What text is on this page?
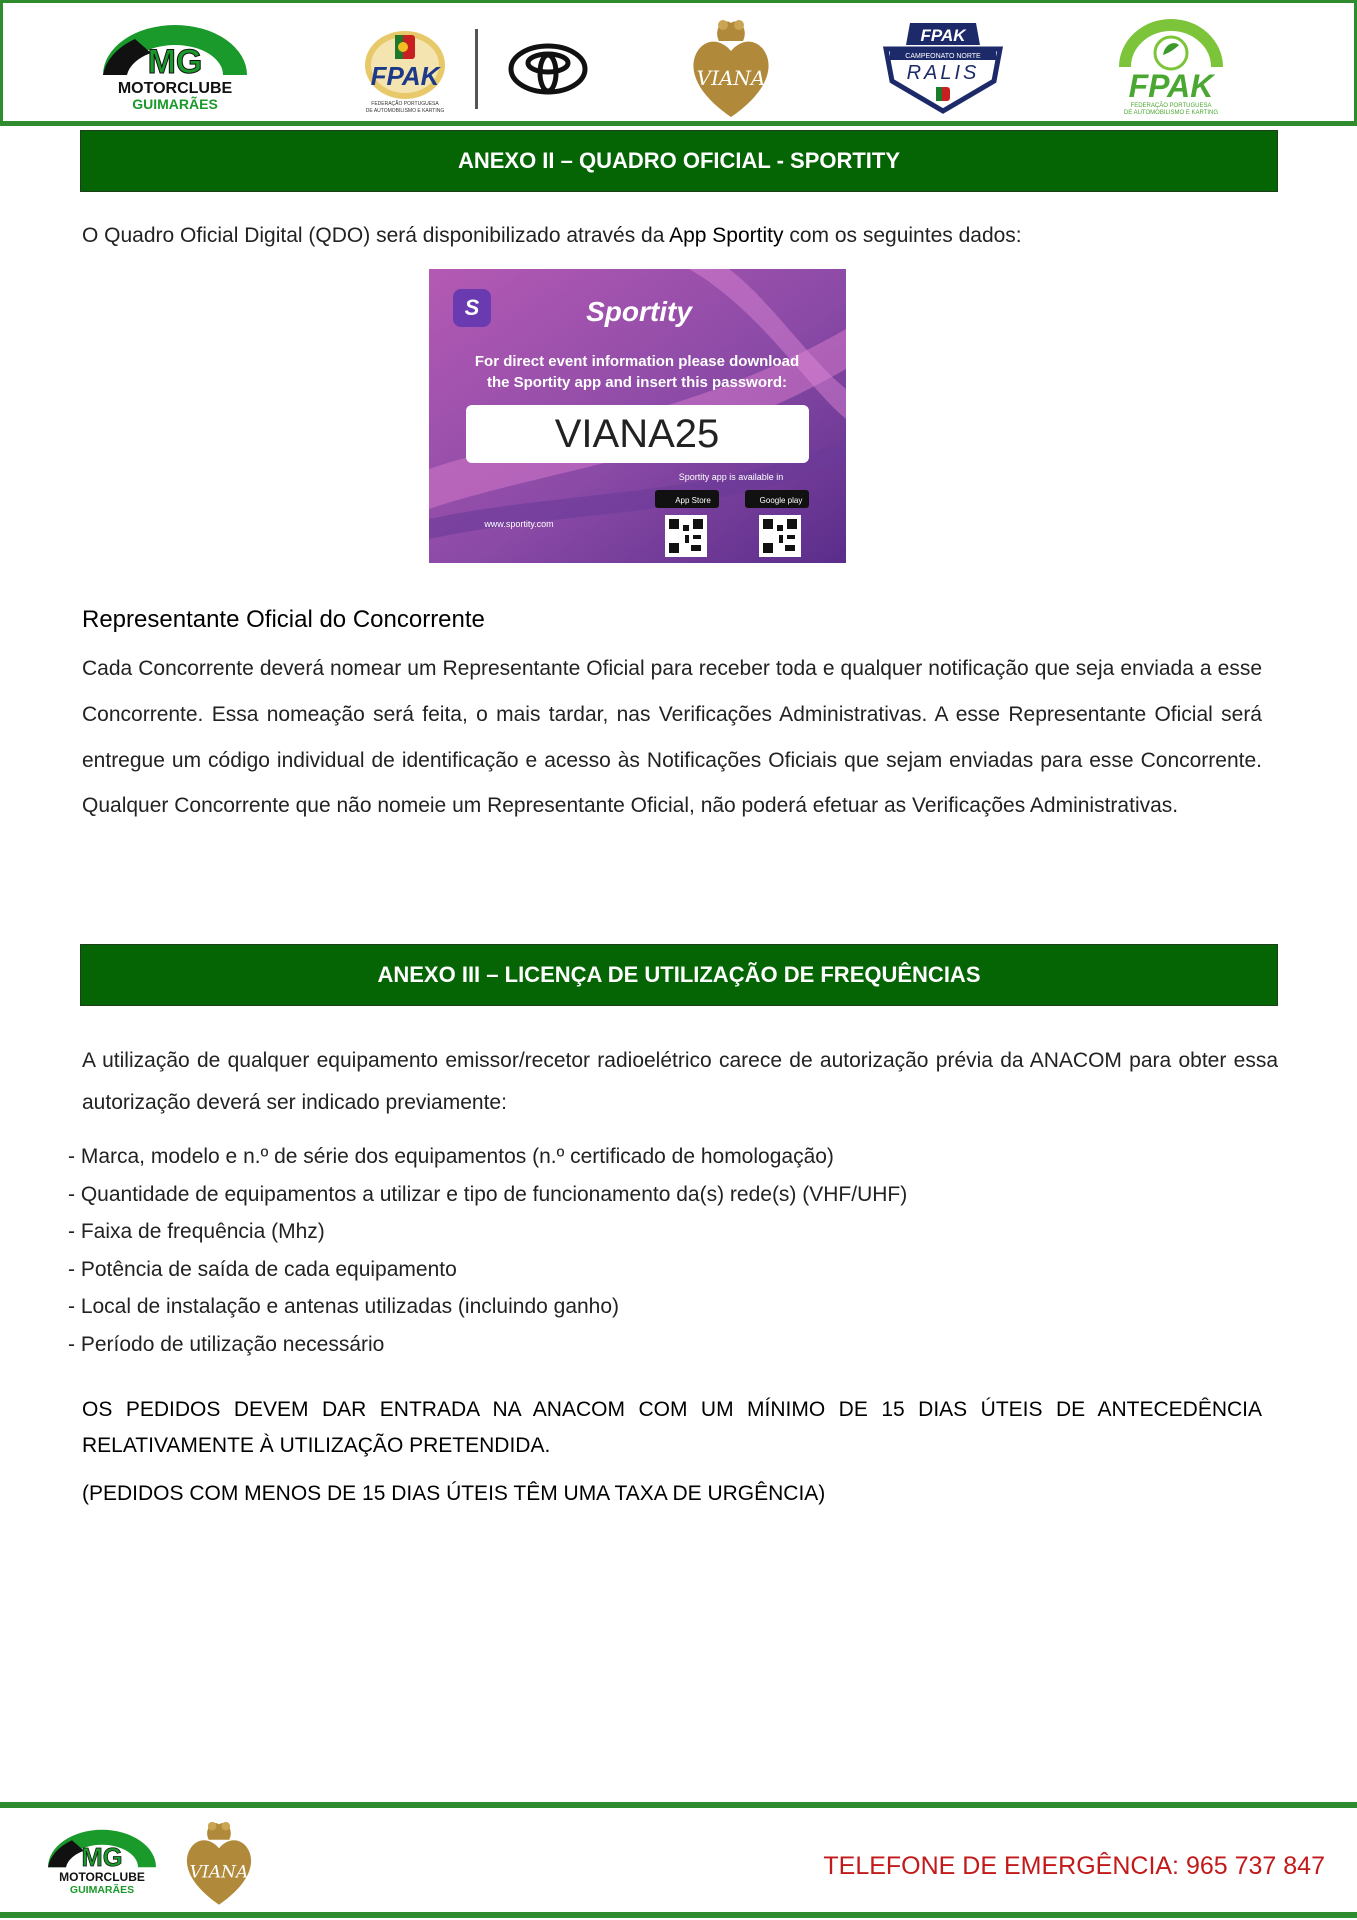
MG
MOTORCLUBE
GUIMARÃES
FPAK
FEDERAÇÃO PORTUGUESA
DE AUTOMOBILISMO E KARTING
VIANA
FPAK
CAMPEONATO NORTE
RALIS	FPAK
FEDERAÇÃO PORTUGUESA
DE AUTOMOBILISMO E KARTING
ANEXO II – QUADRO OFICIAL - SPORTITY
O Quadro Oficial Digital (QDO) será disponibilizado através da App Sportity com os seguintes dados:
S	Sportity
For direct event information please download
the Sportity app and insert this password:
VIANA25
Sportity app is available in
App Store	Google play
www.sportity.com
Representante Oficial do Concorrente
Cada Concorrente deverá nomear um Representante Oficial para receber toda e qualquer notificação que seja enviada a esse Concorrente. Essa nomeação será feita, o mais tardar, nas Verificações Administrativas. A esse Representante Oficial será entregue um código individual de identificação e acesso às Notificações Oficiais que sejam enviadas para esse Concorrente. Qualquer Concorrente que não nomeie um Representante Oficial, não poderá efetuar as Verificações Administrativas.
ANEXO III – LICENÇA DE UTILIZAÇÃO DE FREQUÊNCIAS
A utilização de qualquer equipamento emissor/recetor radioelétrico carece de autorização prévia da ANACOM para obter essa autorização deverá ser indicado previamente:
- Marca, modelo e n.º de série dos equipamentos (n.º certificado de homologação)
- Quantidade de equipamentos a utilizar e tipo de funcionamento da(s) rede(s) (VHF/UHF)
- Faixa de frequência (Mhz)
- Potência de saída de cada equipamento
- Local de instalação e antenas utilizadas (incluindo ganho)
- Período de utilização necessário
OS PEDIDOS DEVEM DAR ENTRADA NA ANACOM COM UM MÍNIMO DE 15 DIAS ÚTEIS DE ANTECEDÊNCIA RELATIVAMENTE À UTILIZAÇÃO PRETENDIDA.
(PEDIDOS COM MENOS DE 15 DIAS ÚTEIS TÊM UMA TAXA DE URGÊNCIA)
MG
MOTORCLUBE
GUIMARÃES
VIANA	TELEFONE DE EMERGÊNCIA: 965 737 847
